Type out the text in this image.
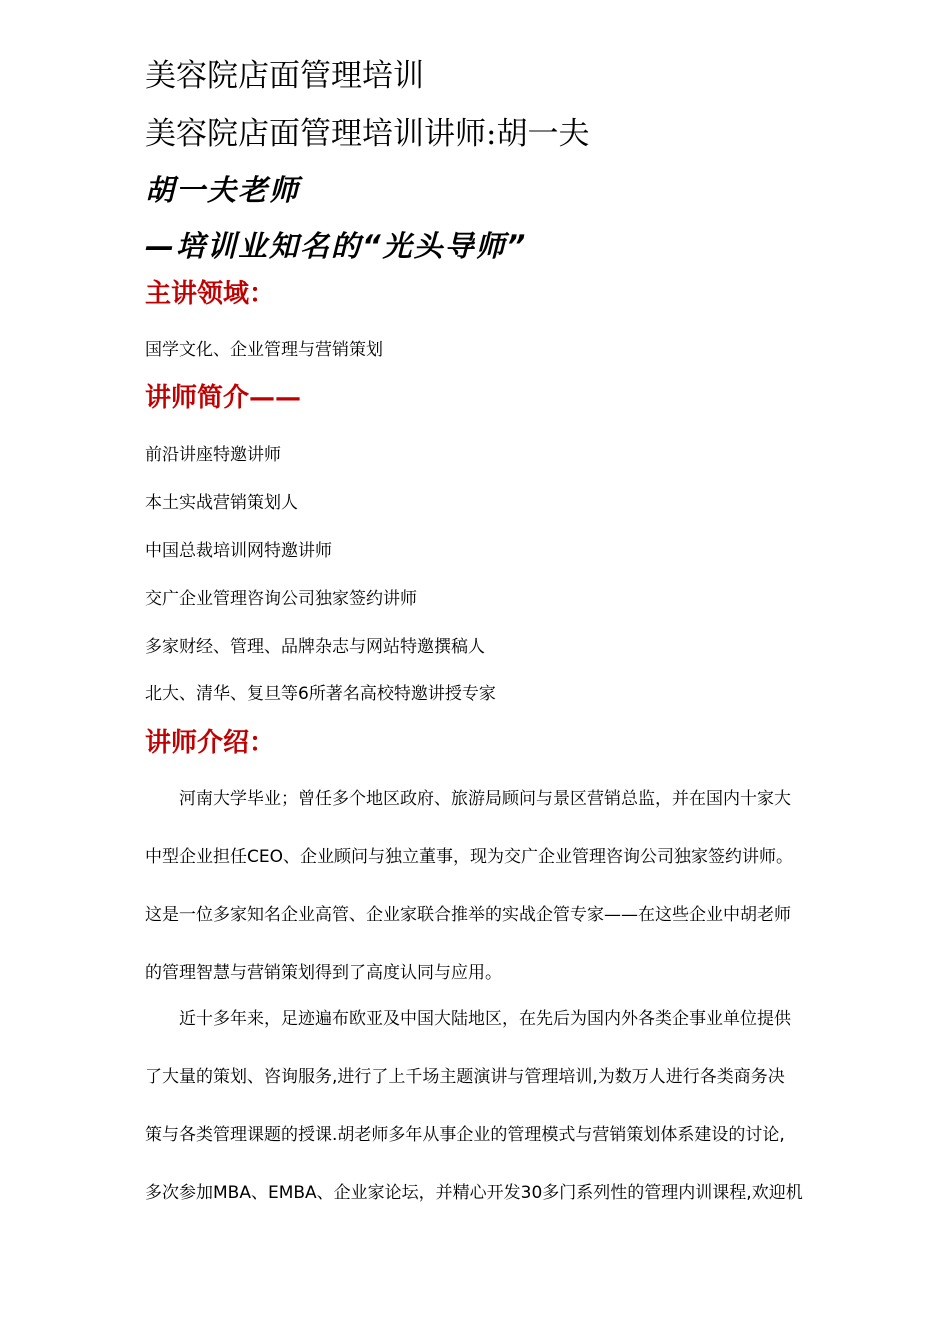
美容院店面管理培训
美容院店面管理培训讲师:胡一夫
胡一夫老师
—培训业知名的“光头导师”
主讲领域：
国学文化、企业管理与营销策划
讲师简介——
前沿讲座特邀讲师
本土实战营销策划人
中国总裁培训网特邀讲师
交广企业管理咨询公司独家签约讲师
多家财经、管理、品牌杂志与网站特邀撰稿人
北大、清华、复旦等6所著名高校特邀讲授专家
讲师介绍：
　　河南大学毕业；曾任多个地区政府、旅游局顾问与景区营销总监，并在国内十家大
中型企业担任CEO、企业顾问与独立董事，现为交广企业管理咨询公司独家签约讲师。
这是一位多家知名企业高管、企业家联合推举的实战企管专家——在这些企业中胡老师
的管理智慧与营销策划得到了高度认同与应用。
　　近十多年来，足迹遍布欧亚及中国大陆地区，在先后为国内外各类企事业单位提供
了大量的策划、咨询服务,进行了上千场主题演讲与管理培训,为数万人进行各类商务决
策与各类管理课题的授课.胡老师多年从事企业的管理模式与营销策划体系建设的讨论,
多次参加MBA、EMBA、企业家论坛，并精心开发30多门系列性的管理内训课程,欢迎机
